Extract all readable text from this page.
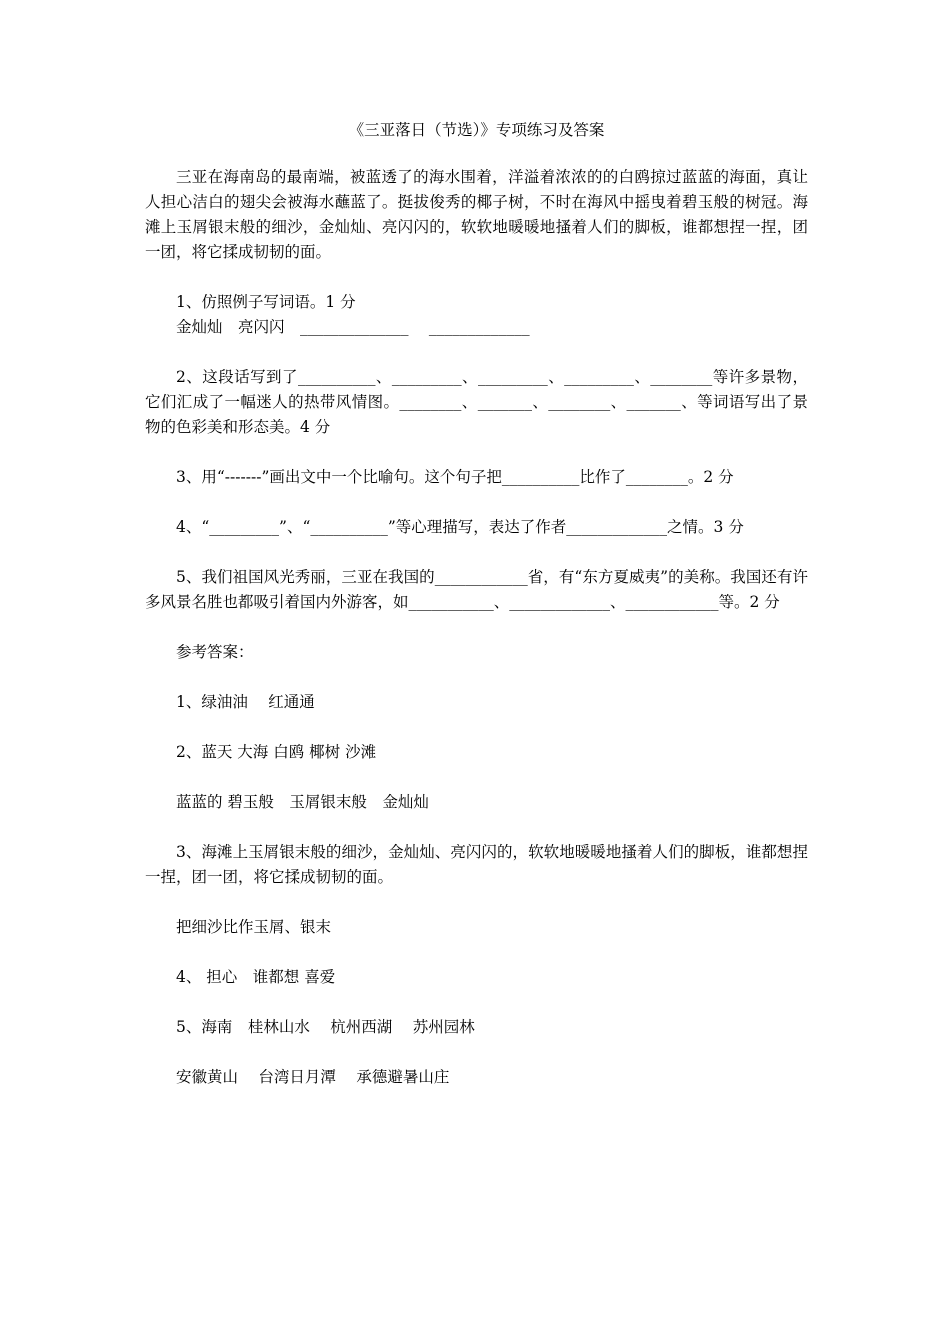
《三亚落日（节选）》专项练习及答案

三亚在海南岛的最南端，被蓝透了的海水围着，洋溢着浓浓的的白鸥掠过蓝蓝的海面，真让人担心洁白的翅尖会被海水蘸蓝了。挺拔俊秀的椰子树，不时在海风中摇曳着碧玉般的树冠。海滩上玉屑银末般的细沙，金灿灿、亮闪闪的，软软地暖暖地搔着人们的脚板，谁都想捏一捏，团一团，将它揉成韧韧的面。

1、仿照例子写词语。1 分

金灿灿　亮闪闪　______________　 _____________

2、这段话写到了__________、_________、_________、_________、________等许多景物，它们汇成了一幅迷人的热带风情图。________、_______、________、_______、等词语写出了景物的色彩美和形态美。4 分

3、用“-------”画出文中一个比喻句。这个句子把__________比作了________。2 分

4、“_________”、“__________”等心理描写，表达了作者_____________之情。3 分

5、我们祖国风光秀丽，三亚在我国的____________省，有“东方夏威夷”的美称。我国还有许多风景名胜也都吸引着国内外游客，如___________、_____________、____________等。2 分

参考答案：

1、绿油油　 红通通

2、蓝天 大海 白鸥 椰树 沙滩

蓝蓝的 碧玉般　玉屑银末般　金灿灿

3、海滩上玉屑银末般的细沙，金灿灿、亮闪闪的，软软地暖暖地搔着人们的脚板，谁都想捏一捏，团一团，将它揉成韧韧的面。

把细沙比作玉屑、银末

4、 担心　谁都想 喜爱

5、海南　桂林山水　 杭州西湖　 苏州园林

安徽黄山　 台湾日月潭　 承德避暑山庄
